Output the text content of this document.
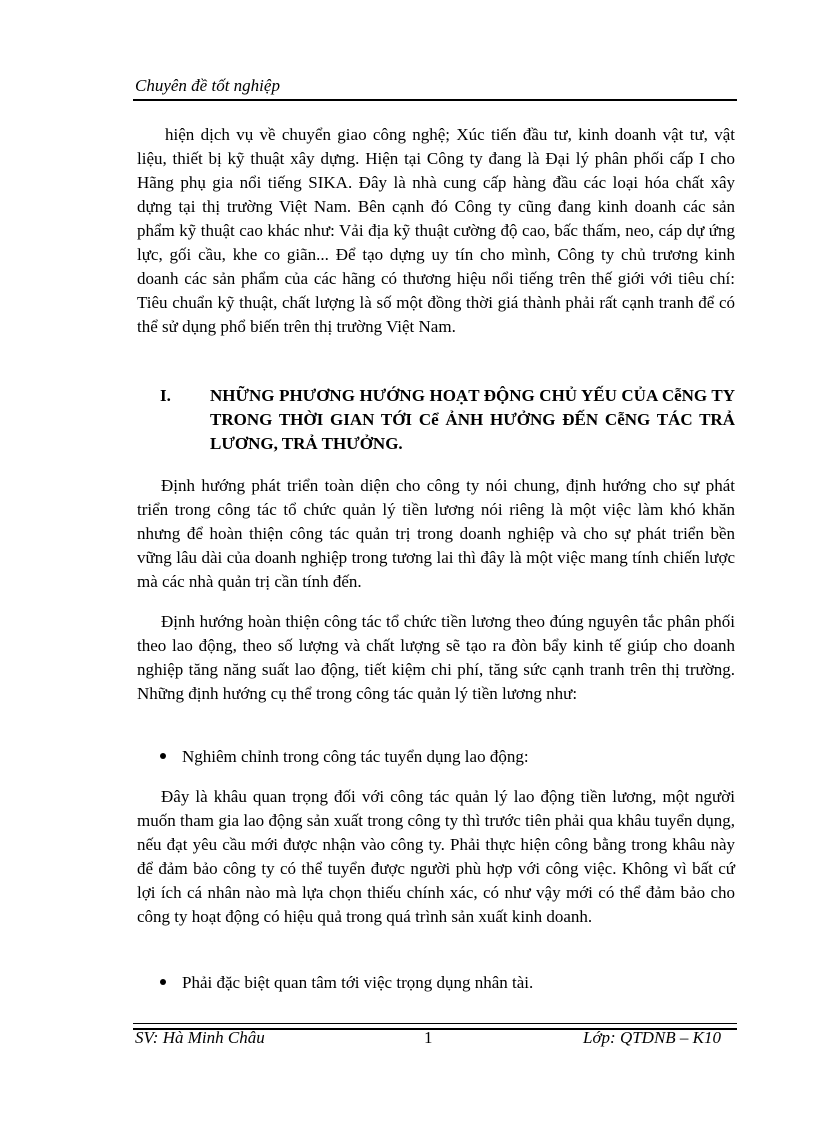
Chuyên đề tốt nghiệp
hiện dịch vụ về chuyển giao công nghệ; Xúc tiến đầu tư, kinh doanh vật tư, vật liệu, thiết bị kỹ thuật xây dựng. Hiện tại Công ty đang là Đại lý phân phối cấp I cho Hãng phụ gia nổi tiếng SIKA. Đây là nhà cung cấp hàng đầu các loại hóa chất xây dựng tại thị trường Việt Nam. Bên cạnh đó Công ty cũng đang kinh doanh các sản phẩm kỹ thuật cao khác như: Vải địa kỹ thuật cường độ cao, bấc thấm, neo, cáp dự ứng lực, gối cầu, khe co giãn... Để tạo dựng uy tín cho mình, Công ty chủ trương kinh doanh các sản phẩm của các hãng có thương hiệu nổi tiếng trên thế giới với tiêu chí: Tiêu chuẩn kỹ thuật, chất lượng là số một đồng thời giá thành phải rất cạnh tranh để có thể sử dụng phổ biến trên thị trường Việt Nam.
I. NHỮNG PHƯƠNG HƯỚNG HOẠT ĐỘNG CHỦ YẾU CỦA CễNG TY TRONG THỜI GIAN TỚI Cể ẢNH HƯỞNG ĐẾN CễNG TÁC TRẢ LƯƠNG, TRẢ THƯỞNG.
Định hướng phát triển toàn diện cho công ty nói chung, định hướng cho sự phát triển trong công tác tổ chức quản lý tiền lương nói riêng là một việc làm khó khăn nhưng để hoàn thiện công tác quản trị trong doanh nghiệp và cho sự phát triển bền vững lâu dài của doanh nghiệp trong tương lai thì đây là một việc mang tính chiến lược mà các nhà quản trị cần tính đến.
Định hướng hoàn thiện công tác tổ chức tiền lương theo đúng nguyên tắc phân phối theo lao động, theo số lượng và chất lượng sẽ tạo ra đòn bẩy kinh tế giúp cho doanh nghiệp tăng năng suất lao động, tiết kiệm chi phí, tăng sức cạnh tranh trên thị trường. Những định hướng cụ thể trong công tác quản lý tiền lương như:
Nghiêm chỉnh trong công tác tuyển dụng lao động:
Đây là khâu quan trọng đối với công tác quản lý lao động tiền lương, một người muốn tham gia lao động sản xuất trong công ty thì trước tiên phải qua khâu tuyển dụng, nếu đạt yêu cầu mới được nhận vào công ty. Phải thực hiện công bằng trong khâu này để đảm bảo công ty có thể tuyển được người phù hợp với công việc. Không vì bất cứ lợi ích cá nhân nào mà lựa chọn thiếu chính xác, có như vậy mới có thể đảm bảo cho công ty hoạt động có hiệu quả trong quá trình sản xuất kinh doanh.
Phải đặc biệt quan tâm tới việc trọng dụng nhân tài.
SV: Hà Minh Châu	1	Lớp: QTDNB – K10
